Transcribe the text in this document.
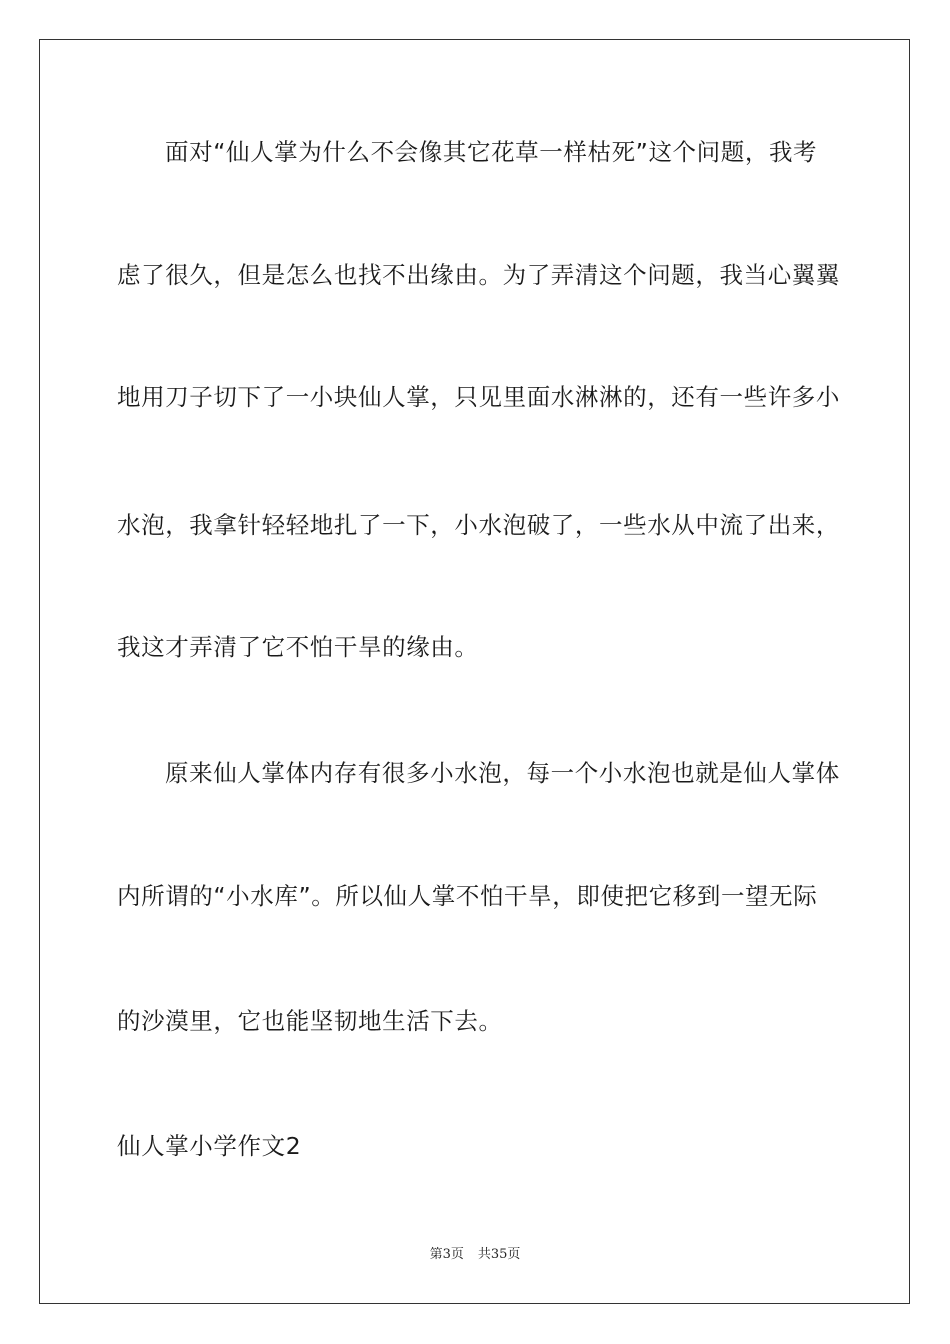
面对“仙人掌为什么不会像其它花草一样枯死”这个问题，我考
虑了很久，但是怎么也找不出缘由。为了弄清这个问题，我当心翼翼
地用刀子切下了一小块仙人掌，只见里面水淋淋的，还有一些许多小
水泡，我拿针轻轻地扎了一下，小水泡破了，一些水从中流了出来，
我这才弄清了它不怕干旱的缘由。
原来仙人掌体内存有很多小水泡，每一个小水泡也就是仙人掌体
内所谓的“小水库”。所以仙人掌不怕干旱，即使把它移到一望无际
的沙漠里，它也能坚韧地生活下去。
仙人掌小学作文2
第3页 共35页
